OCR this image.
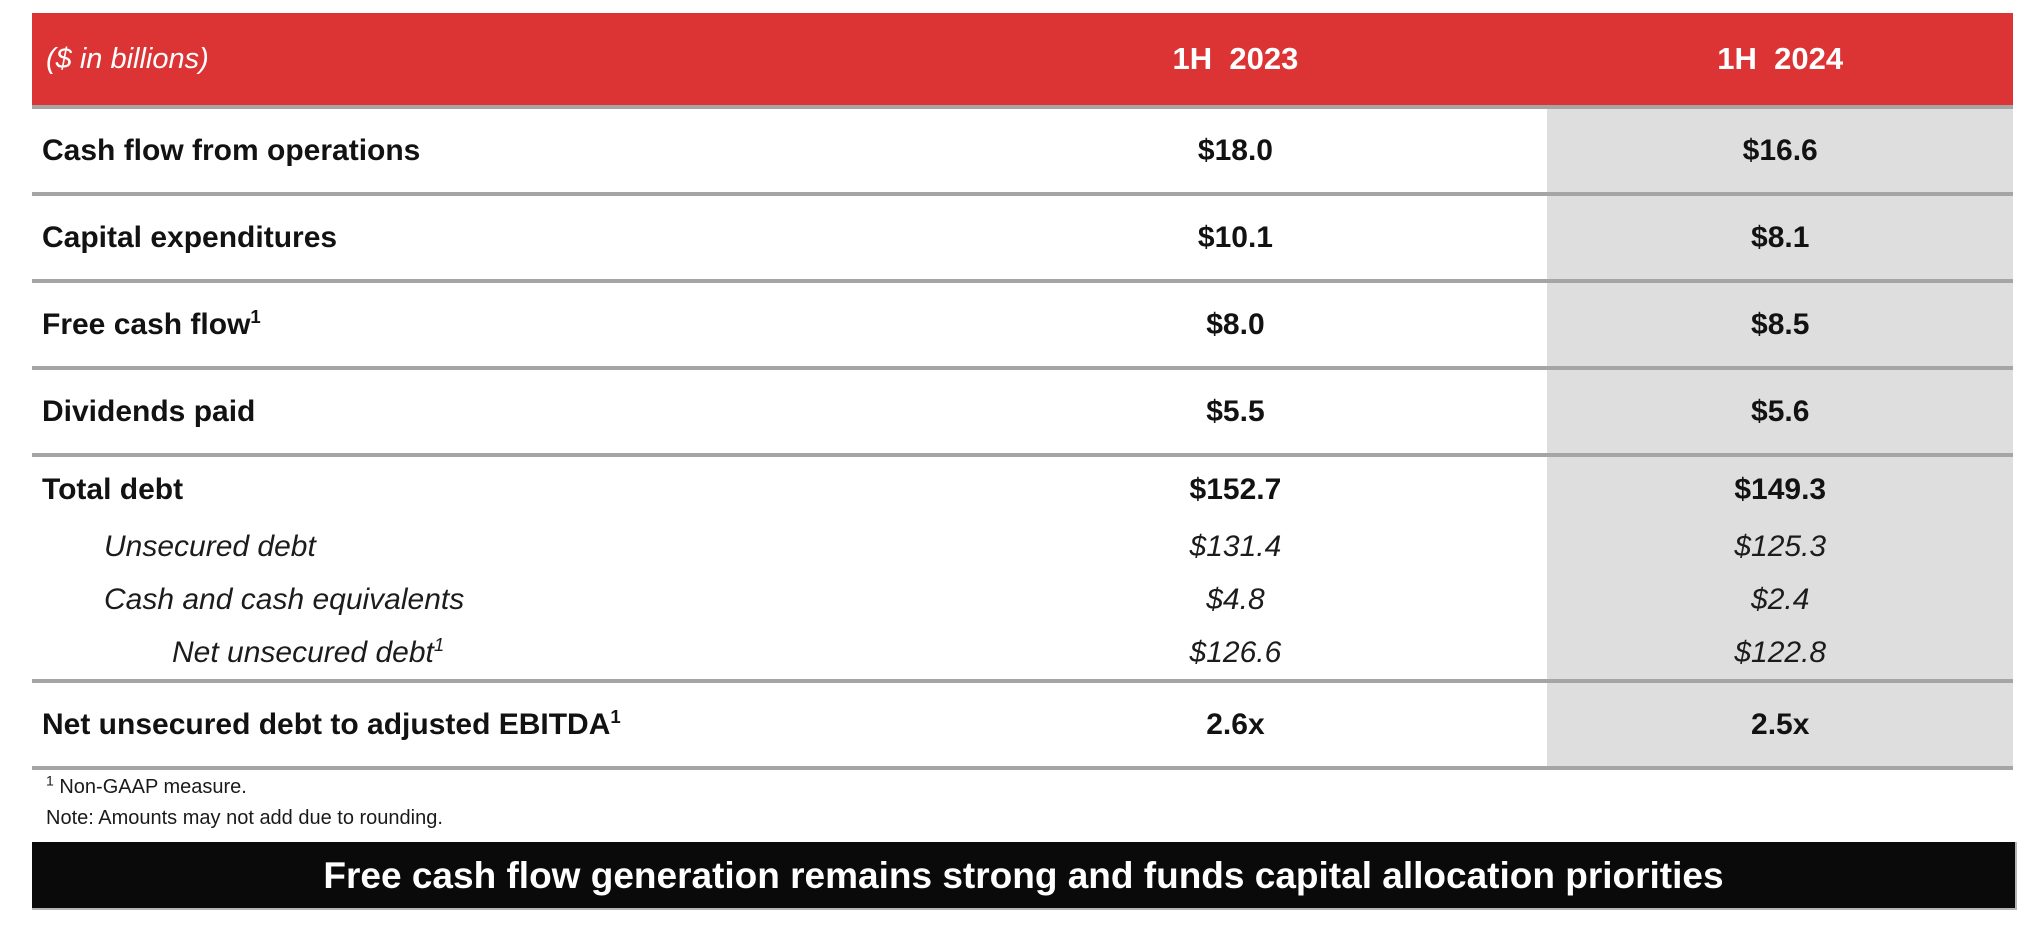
($ in billions)	1H  2023	1H  2024
Cash flow from operations	$18.0	$16.6
Capital expenditures	$10.1	$8.1
Free cash flow$^1$	$8.0	$8.5
Dividends paid	$5.5	$5.6
Total debt	$152.7	$149.3
Unsecured debt	$131.4	$125.3
Cash and cash equivalents	$4.8	$2.4
Net unsecured debt$^1$	$126.6	$122.8
Net unsecured debt to adjusted EBITDA$^1$	2.6x	2.5x
$^1$ Non-GAAP measure.
Note: Amounts may not add due to rounding.
Free cash flow generation remains strong and funds capital allocation priorities
